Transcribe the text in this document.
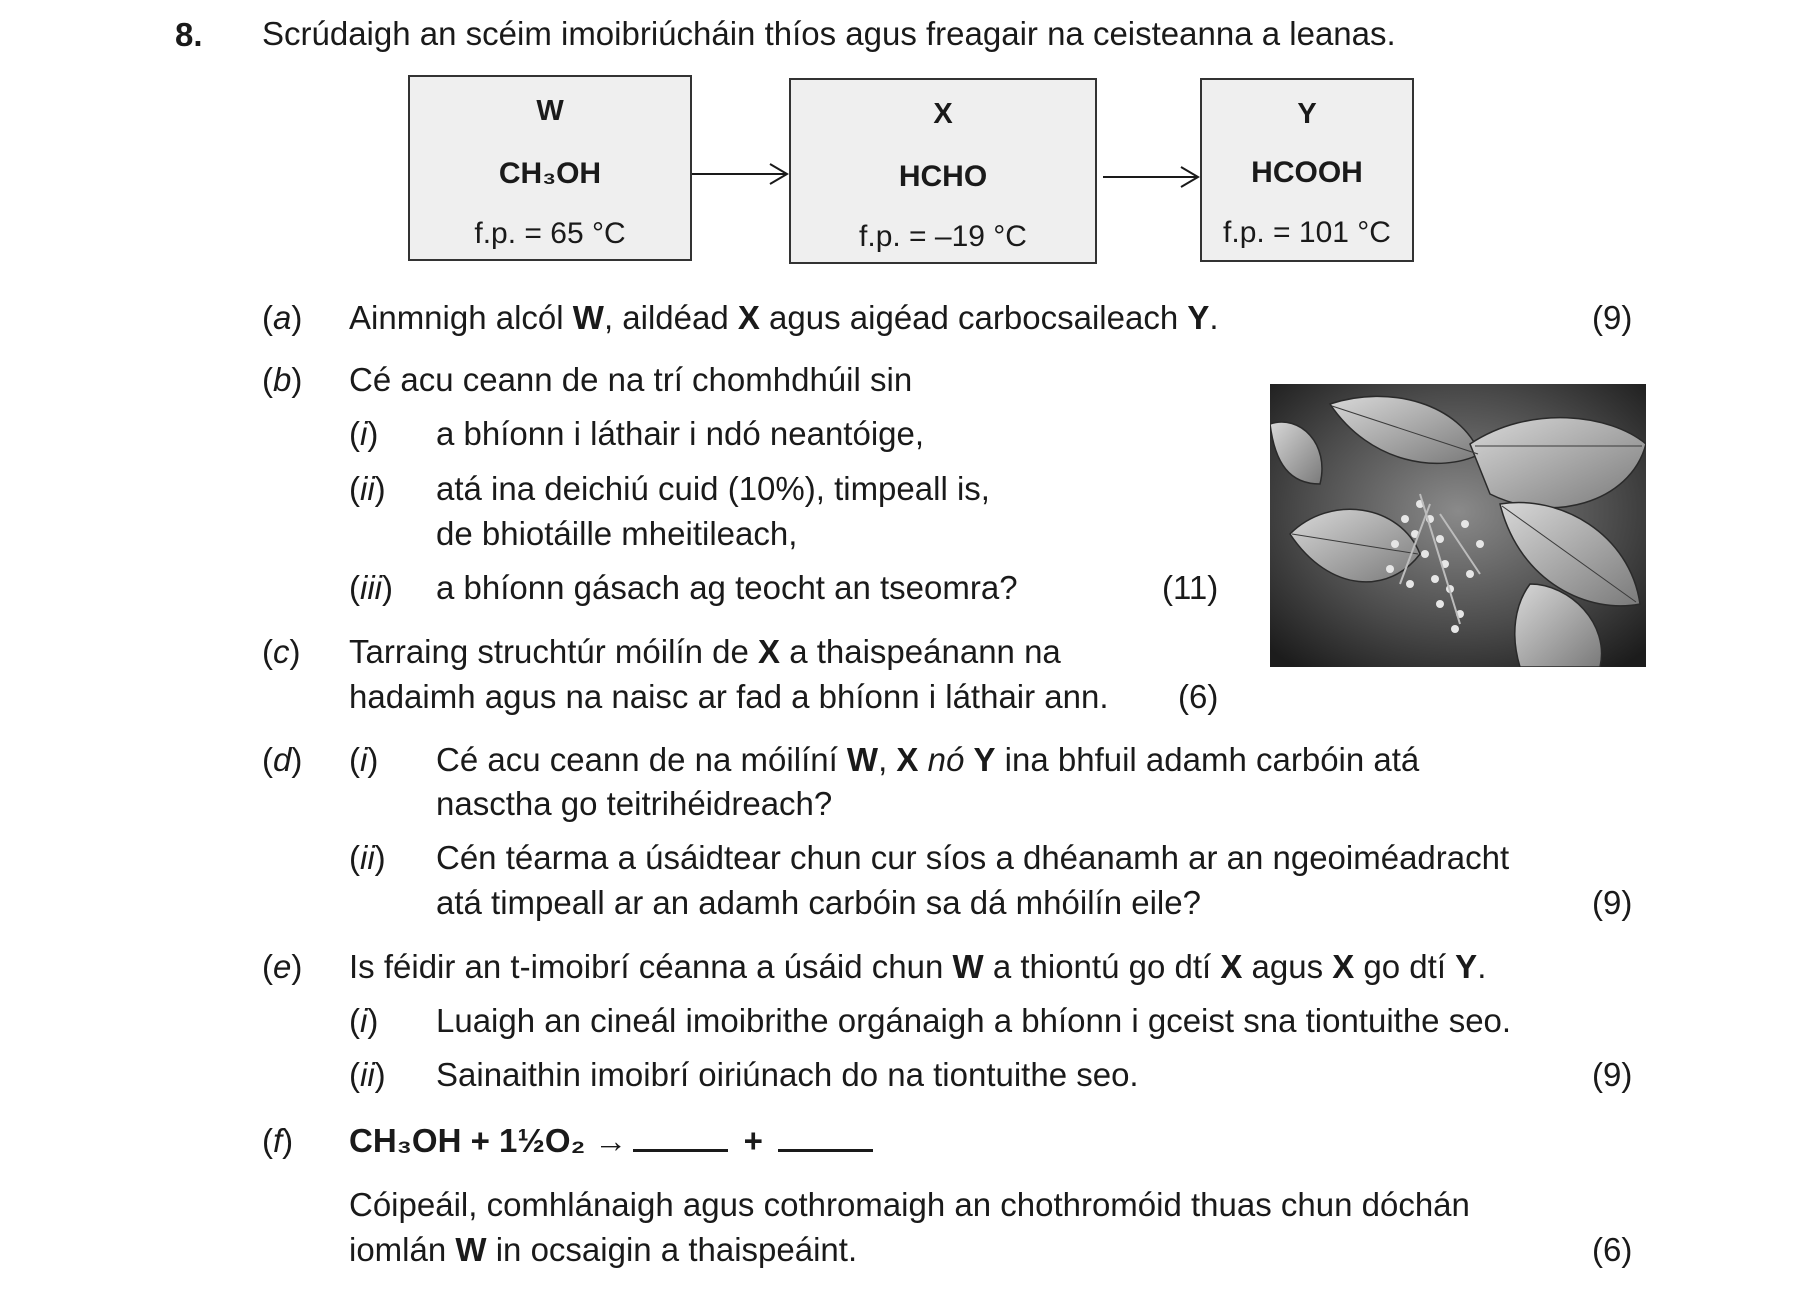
8. Scrúdaigh an scéim imoibriúcháin thíos agus freagair na ceisteanna a leanas.
W
CH₃OH
f.p. = 65 °C
X
HCHO
f.p. = –19 °C
Y
HCOOH
f.p. = 101 °C
(a) Ainmnigh alcól W, aildéad X agus aigéad carbocsaileach Y.	(9)
(b) Cé acu ceann de na trí chomhdhúil sin
(i) a bhíonn i láthair i ndó neantóige,
(ii) atá ina deichiú cuid (10%), timpeall is,
de bhiotáille mheitileach,
(iii) a bhíonn gásach ag teocht an tseomra?	(11)
(c) Tarraing struchtúr móilín de X a thaispeánann na
hadaimh agus na naisc ar fad a bhíonn i láthair ann. (6)
(d) (i) Cé acu ceann de na móilíní W, X nó Y ina bhfuil adamh carbóin atá
nasctha go teitrihéidreach?
(ii) Cén téarma a úsáidtear chun cur síos a dhéanamh ar an ngeoiméadracht
atá timpeall ar an adamh carbóin sa dá mhóilín eile?	(9)
(e) Is féidir an t-imoibrí céanna a úsáid chun W a thiontú go dtí X agus X go dtí Y.
(i) Luaigh an cineál imoibrithe orgánaigh a bhíonn i gceist sna tiontuithe seo.
(ii) Sainaithin imoibrí oiriúnach do na tiontuithe seo.	(9)
(f) CH₃OH + 1½O₂ →	+
Cóipeáil, comhlánaigh agus cothromaigh an chothromóid thuas chun dóchán
iomlán W in ocsaigin a thaispeáint.	(6)
